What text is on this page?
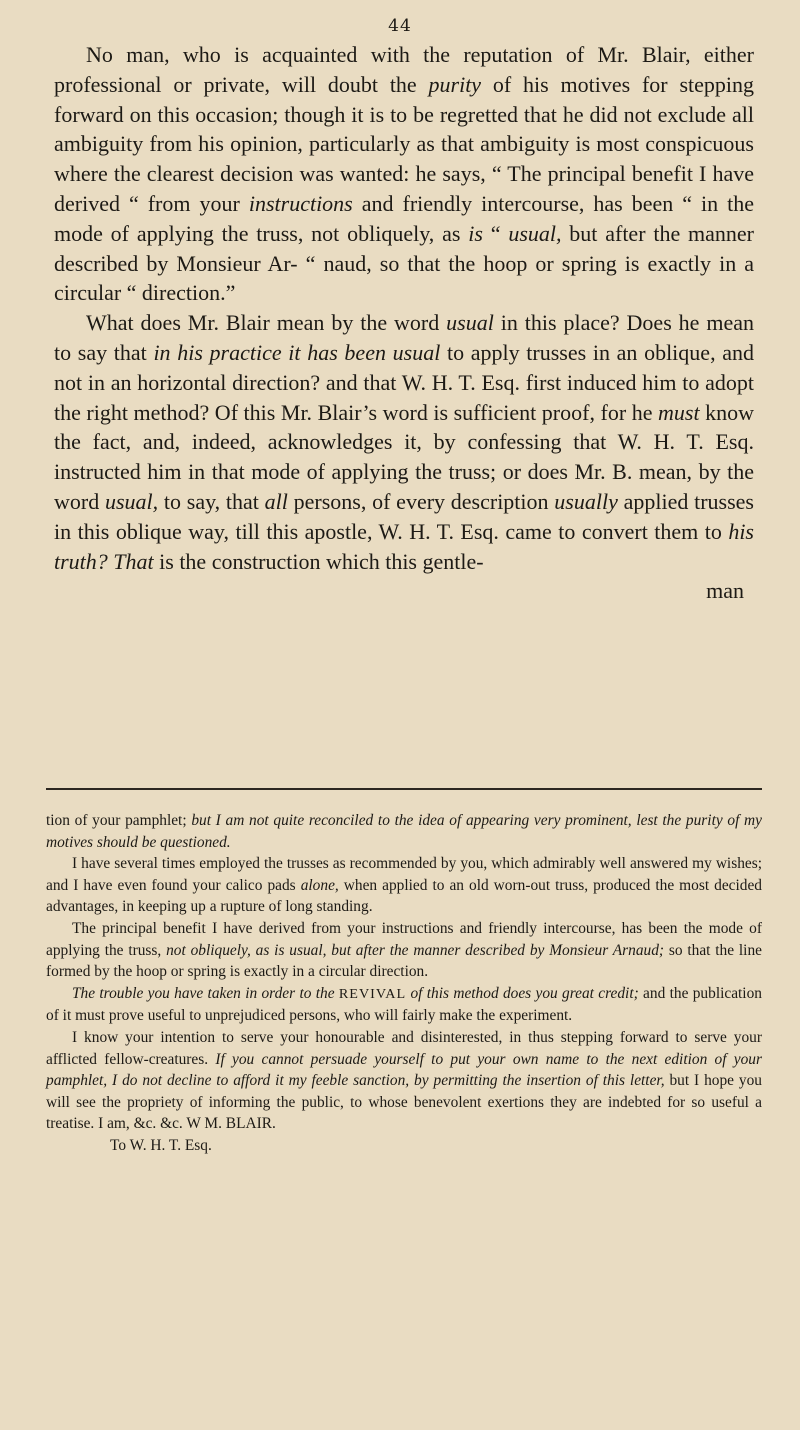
44

No man, who is acquainted with the reputation of Mr. Blair, either professional or private, will doubt the purity of his motives for stepping forward on this occasion; though it is to be regretted that he did not exclude all ambiguity from his opinion, particularly as that ambiguity is most conspicuous where the clearest decision was wanted: he says, “ The principal benefit I have derived “ from your instructions and friendly intercourse, has been “ in the mode of applying the truss, not obliquely, as is “ usual, but after the manner described by Monsieur Ar- “ naud, so that the hoop or spring is exactly in a circular “ direction.”

What does Mr. Blair mean by the word usual in this place? Does he mean to say that in his practice it has been usual to apply trusses in an oblique, and not in an horizontal direction? and that W. H. T. Esq. first induced him to adopt the right method? Of this Mr. Blair’s word is sufficient proof, for he must know the fact, and, indeed, acknowledges it, by confessing that W. H. T. Esq. instructed him in that mode of applying the truss; or does Mr. B. mean, by the word usual, to say, that all persons, of every description usually applied trusses in this oblique way, till this apostle, W. H. T. Esq. came to convert them to his truth? That is the construction which this gentle-

man

tion of your pamphlet; but I am not quite reconciled to the idea of appearing very prominent, lest the purity of my motives should be questioned.

I have several times employed the trusses as recommended by you, which admirably well answered my wishes; and I have even found your calico pads alone, when applied to an old worn-out truss, produced the most decided advantages, in keeping up a rupture of long standing.

The principal benefit I have derived from your instructions and friendly intercourse, has been the mode of applying the truss, not obliquely, as is usual, but after the manner described by Monsieur Arnaud; so that the line formed by the hoop or spring is exactly in a circular direction.

The trouble you have taken in order to the REVIVAL of this method does you great credit; and the publication of it must prove useful to unprejudiced persons, who will fairly make the experiment.

I know your intention to serve your honourable and disinterested, in thus stepping forward to serve your afflicted fellow-creatures. If you cannot persuade yourself to put your own name to the next edition of your pamphlet, I do not decline to afford it my feeble sanction, by permitting the insertion of this letter, but I hope you will see the propriety of informing the public, to whose benevolent exertions they are indebted for so useful a treatise. I am, &c. &c. W M. BLAIR.

To W. H. T. Esq.
